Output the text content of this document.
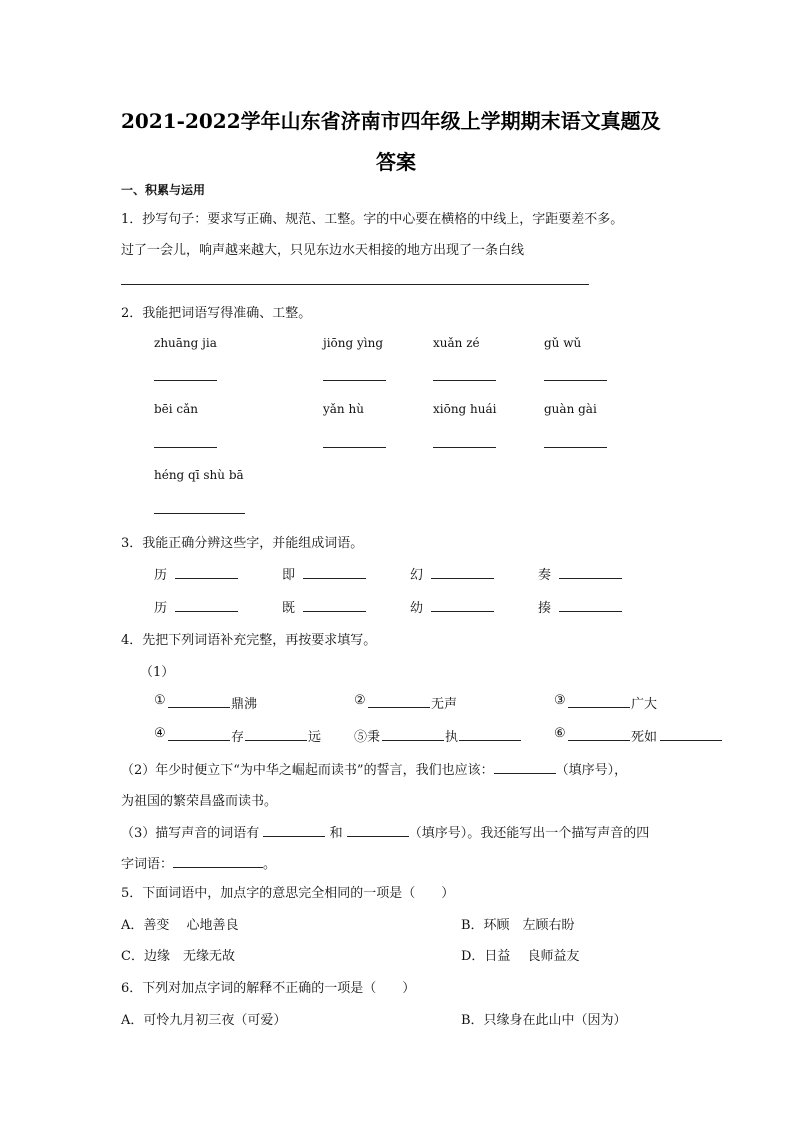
2021-2022学年山东省济南市四年级上学期期末语文真题及
答案
一、积累与运用
1．抄写句子：要求写正确、规范、工整。字的中心要在横格的中线上，字距要差不多。
过了一会儿，响声越来越大，只见东边水天相接的地方出现了一条白线
2．我能把词语写得准确、工整。
zhuāng jia	jiōng yìng	xuǎn zé	gǔ wǔ
bēi cǎn	yǎn hù	xiōng huái	guàn gài
héng qī shù bā
3．我能正确分辨这些字，并能组成词语。
历	即	幻	奏
历	既	幼	揍
4．先把下列词语补充完整，再按要求填写。
（1）
①	鼎沸	②	无声	③	广大
④	存	远	⑤秉	执	⑥	死如
（2）年少时便立下“为中华之崛起而读书”的誓言，我们也应该：	（填序号），
为祖国的繁荣昌盛而读书。
（3）描写声音的词语有	和	（填序号）。我还能写出一个描写声音的四
字词语：	。
5．下面词语中，加点字的意思完全相同的一项是（　　）
A．善变　 心地善良	B．环顾　左顾右盼
C．边缘　无缘无故	D．日益　 良师益友
6．下列对加点字词的解释不正确的一项是（　　）
A．可怜九月初三夜（可爱）	B．只缘身在此山中（因为）
